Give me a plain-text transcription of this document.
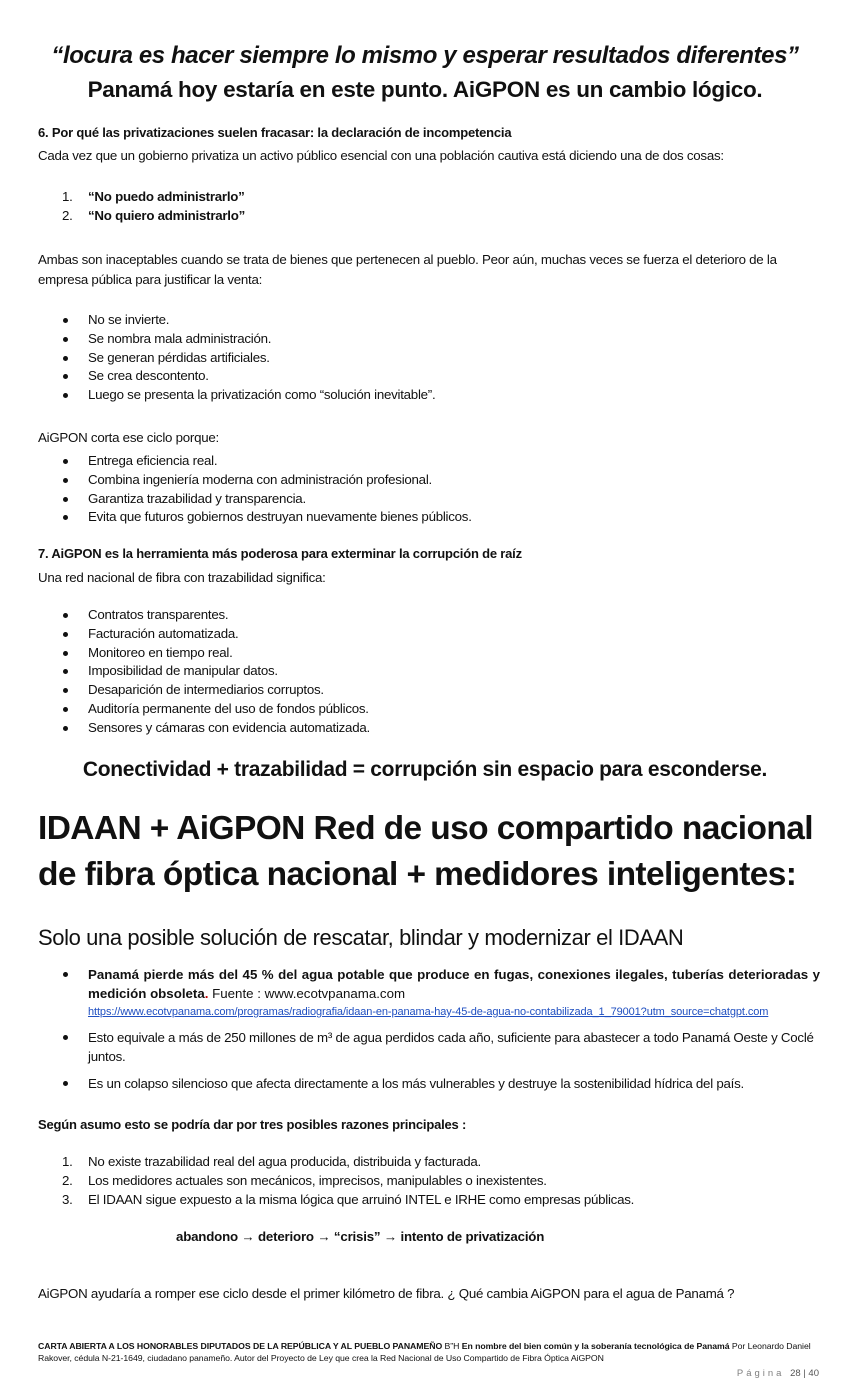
“locura es hacer siempre lo mismo y esperar resultados diferentes”
Panamá hoy estaría en este punto. AiGPON es un cambio lógico.
6. Por qué las privatizaciones suelen fracasar: la declaración de incompetencia
Cada vez que un gobierno privatiza un activo público esencial con una población cautiva está diciendo una de dos cosas:
1. “No puedo administrarlo”
2. “No quiero administrarlo”
Ambas son inaceptables cuando se trata de bienes que pertenecen al pueblo. Peor aún, muchas veces se fuerza el deterioro de la empresa pública para justificar la venta:
No se invierte.
Se nombra mala administración.
Se generan pérdidas artificiales.
Se crea descontento.
Luego se presenta la privatización como “solución inevitable”.
AiGPON corta ese ciclo porque:
Entrega eficiencia real.
Combina ingeniería moderna con administración profesional.
Garantiza trazabilidad y transparencia.
Evita que futuros gobiernos destruyan nuevamente bienes públicos.
7. AiGPON es la herramienta más poderosa para exterminar la corrupción de raíz
Una red nacional de fibra con trazabilidad significa:
Contratos transparentes.
Facturación automatizada.
Monitoreo en tiempo real.
Imposibilidad de manipular datos.
Desaparición de intermediarios corruptos.
Auditoría permanente del uso de fondos públicos.
Sensores y cámaras con evidencia automatizada.
Conectividad + trazabilidad = corrupción sin espacio para esconderse.
IDAAN + AiGPON Red de uso compartido nacional
de fibra óptica nacional + medidores inteligentes:
Solo una posible solución de rescatar, blindar y modernizar el IDAAN
Panamá pierde más del 45 % del agua potable que produce en fugas, conexiones ilegales, tuberías deterioradas y medición obsoleta. Fuente : www.ecotvpanama.com
https://www.ecotvpanama.com/programas/radiografia/idaan-en-panama-hay-45-de-agua-no-contabilizada_1_79001?utm_source=chatgpt.com
Esto equivale a más de 250 millones de m³ de agua perdidos cada año, suficiente para abastecer a todo Panamá Oeste y Coclé juntos.
Es un colapso silencioso que afecta directamente a los más vulnerables y destruye la sostenibilidad hídrica del país.
Según asumo esto se podría dar por tres posibles razones principales :
1. No existe trazabilidad real del agua producida, distribuida y facturada.
2. Los medidores actuales son mecánicos, imprecisos, manipulables o inexistentes.
3. El IDAAN sigue expuesto a la misma lógica que arruinó INTEL e IRHE como empresas públicas.
abandono → deterioro → “crisis” → intento de privatización
AiGPON ayudaría a romper ese ciclo desde el primer kilómetro de fibra. ¿ Qué cambia AiGPON para el agua de Panamá ?
CARTA ABIERTA A LOS HONORABLES DIPUTADOS DE LA REPÚBLICA Y AL PUEBLO PANAMEÑO B”H En nombre del bien común y la soberanía tecnológica de Panamá Por Leonardo Daniel Rakover, cédula N-21-1649, ciudadano panameño. Autor del Proyecto de Ley que crea la Red Nacional de Uso Compartido de Fibra Óptica AiGPON
Página 28 | 40
